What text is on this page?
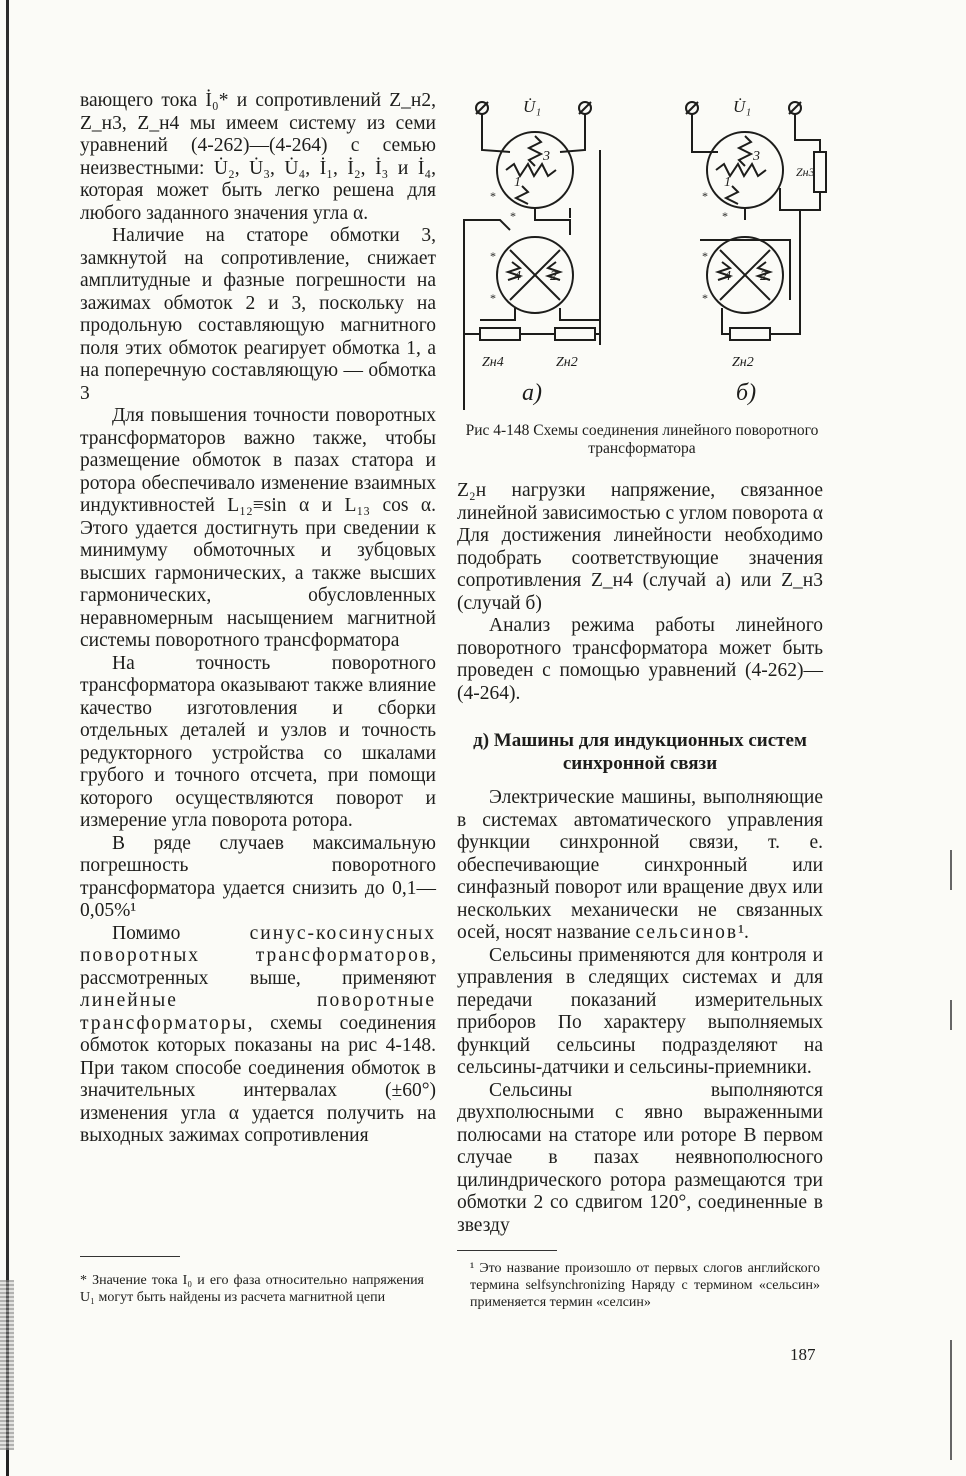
вающего тока İ₀* и сопротивлений Z_н2, Z_н3, Z_н4 мы имеем систему из семи уравнений (4-262)—(4-264) с семью неизвестными: U̇₂, U̇₃, U̇₄, İ₁, İ₂, İ₃ и İ₄, которая может быть легко решена для любого заданного значения угла α.

Наличие на статоре обмотки 3, замкнутой на сопротивление, снижает амплитудные и фазные погрешности на зажимах обмоток 2 и 3, поскольку на продольную составляющую магнитного поля этих обмоток реагирует обмотка 1, а на поперечную составляющую — обмотка 3

Для повышения точности поворотных трансформаторов важно также, чтобы размещение обмоток в пазах статора и ротора обеспечивало изменение взаимных индуктивностей L₁₂≡sin α и L₁₃ cos α. Этого удается достигнуть при сведении к минимуму обмоточных и зубцовых высших гармонических, а также высших гармонических, обусловленных неравномерным насыщением магнитной системы поворотного трансформатора

На точность поворотного трансформатора оказывают также влияние качество изготовления и сборки отдельных деталей и узлов и точность редукторного устройства со шкалами грубого и точного отсчета, при помощи которого осуществляются поворот и измерение угла поворота ротора.

В ряде случаев максимальную погрешность поворотного трансформатора удается снизить до 0,1—0,05%¹

Помимо синус-косинусных поворотных трансформаторов, рассмотренных выше, применяют линейные поворотные трансформаторы, схемы соединения обмоток которых показаны на рис 4-148. При таком способе соединения обмоток в значительных интервалах (±60°) изменения угла α удается получить на выходных зажимах сопротивления

*
*
*
*
*
*
*
*
U̇₁	U̇₁
3
1
4 2
3
1
4 2
Zн4	Zн2	Zн2
Zн3
а)	б)
Рис 4-148 Схемы соединения линейного поворотного трансформатора

Z₂н нагрузки напряжение, связанное линейной зависимостью с углом поворота α Для достижения линейности необходимо подобрать соответствующие значения сопротивления Z_н4 (случай а) или Z_н3 (случай б)

Анализ режима работы линейного поворотного трансформатора может быть проведен с помощью уравнений (4-262)—(4-264).

д) Машины для индукционных систем синхронной связи

Электрические машины, выполняющие в системах автоматического управления функции синхронной связи, т. е. обеспечивающие синхронный или синфазный поворот или вращение двух или нескольких механически не связанных осей, носят название сельсинов¹.

Сельсины применяются для контроля и управления в следящих системах и для передачи показаний измерительных приборов По характеру выполняемых функций сельсины подразделяют на сельсины-датчики и сельсины-приемники.

Сельсины выполняются двухполюсными с явно выраженными полюсами на статоре или роторе В первом случае в пазах неявнополюсного цилиндрического ротора размещаются три обмотки 2 со сдвигом 120°, соединенные в звезду

* Значение тока I₀ и его фаза относительно напряжения U₁ могут быть найдены из расчета магнитной цепи
¹ Это название произошло от первых слогов английского термина selfsynchronizing Наряду с термином «сельсин» применяется термин «селсин»
187
